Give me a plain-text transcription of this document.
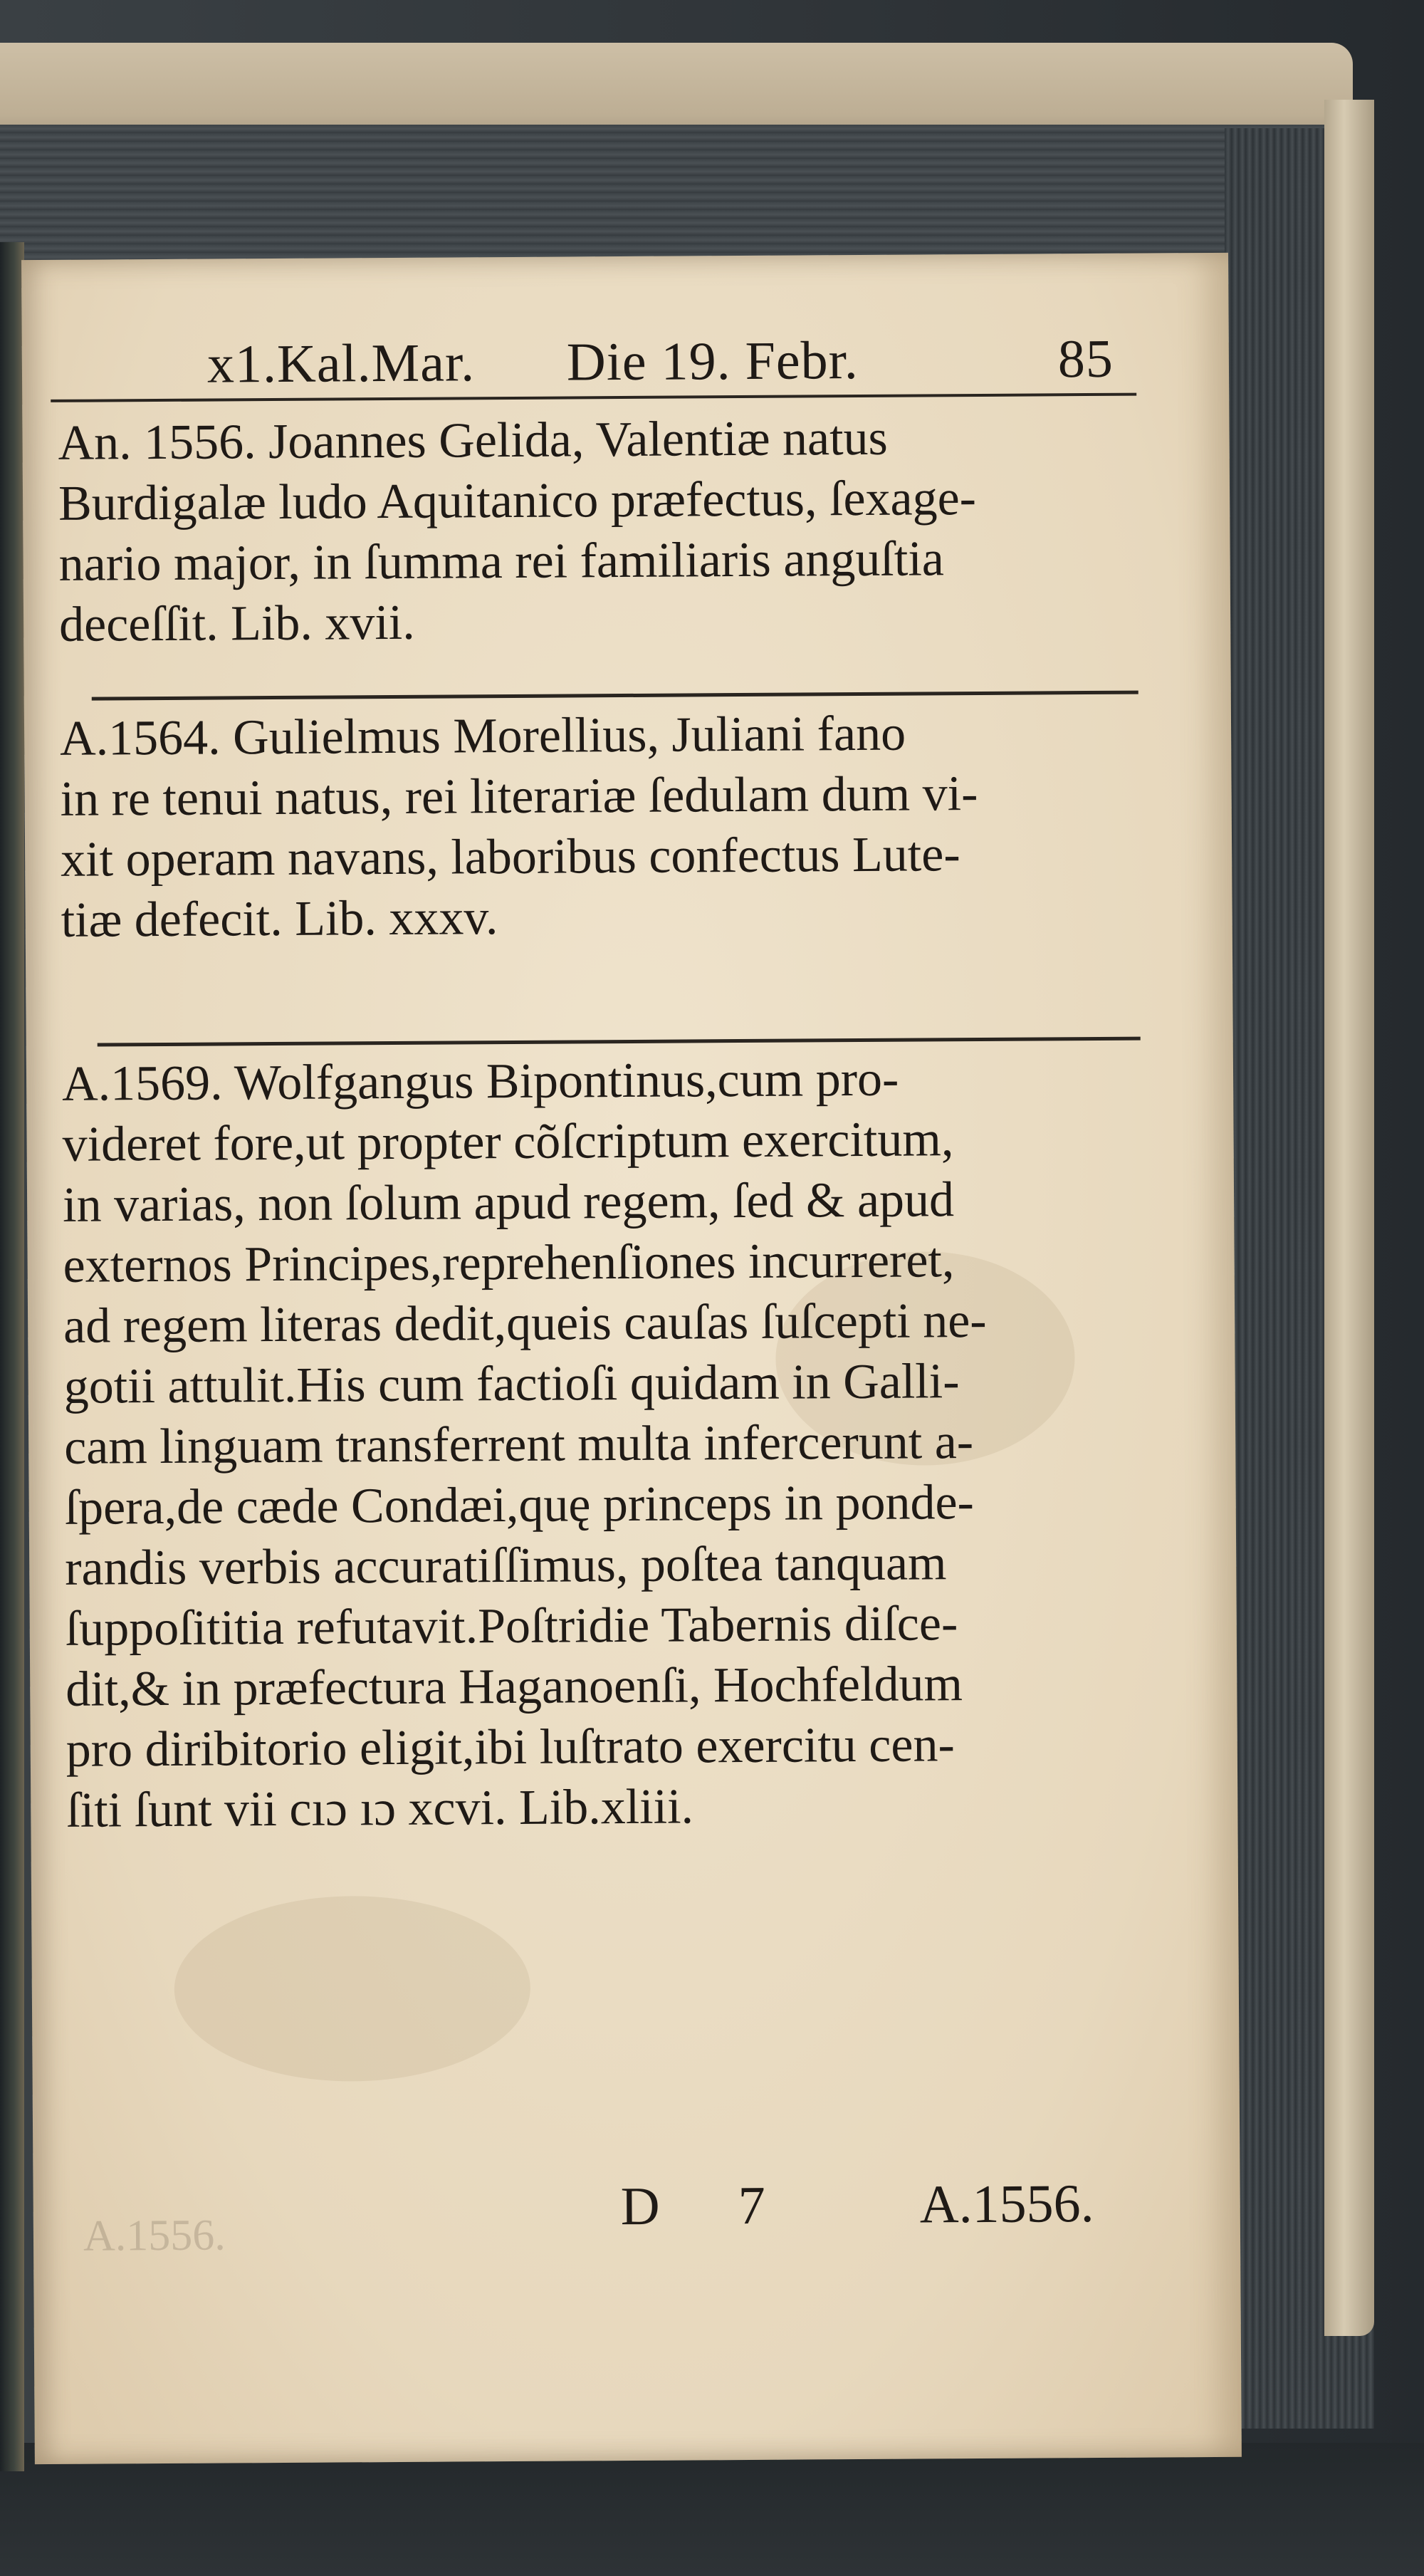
x1.Kal.Mar. Die 19. Febr.	85
An. 1556. Joannes Gelida, Valentiæ natus
Burdigalæ ludo Aquitanico præfectus, ſexage-
nario major, in ſumma rei familiaris anguſtia
deceſſit. Lib. xvii.
A.1564. Gulielmus Morellius, Juliani fano
in re tenui natus, rei literariæ ſedulam dum vi-
xit operam navans, laboribus confectus Lute-
tiæ defecit. Lib. xxxv.
A.1569. Wolfgangus Bipontinus,cum pro-
videret fore,ut propter cõſcriptum exercitum,
in varias, non ſolum apud regem, ſed & apud
externos Principes,reprehenſiones incurreret,
ad regem literas dedit,queis cauſas ſuſcepti ne-
gotii attulit.His cum factioſi quidam in Galli-
cam linguam transferrent multa infercerunt a-
ſpera,de cæde Condæi,quę princeps in ponde-
randis verbis accuratiſſimus, poſtea tanquam
ſuppoſititia refutavit.Poſtridie Tabernis diſce-
dit,& in præfectura Haganoenſi, Hochfeldum
pro diribitorio eligit,ibi luſtrato exercitu cen-
ſiti ſunt vii cıɔ ıɔ xcvi. Lib.xliii.
A.1556.	D 7	A.1556.
